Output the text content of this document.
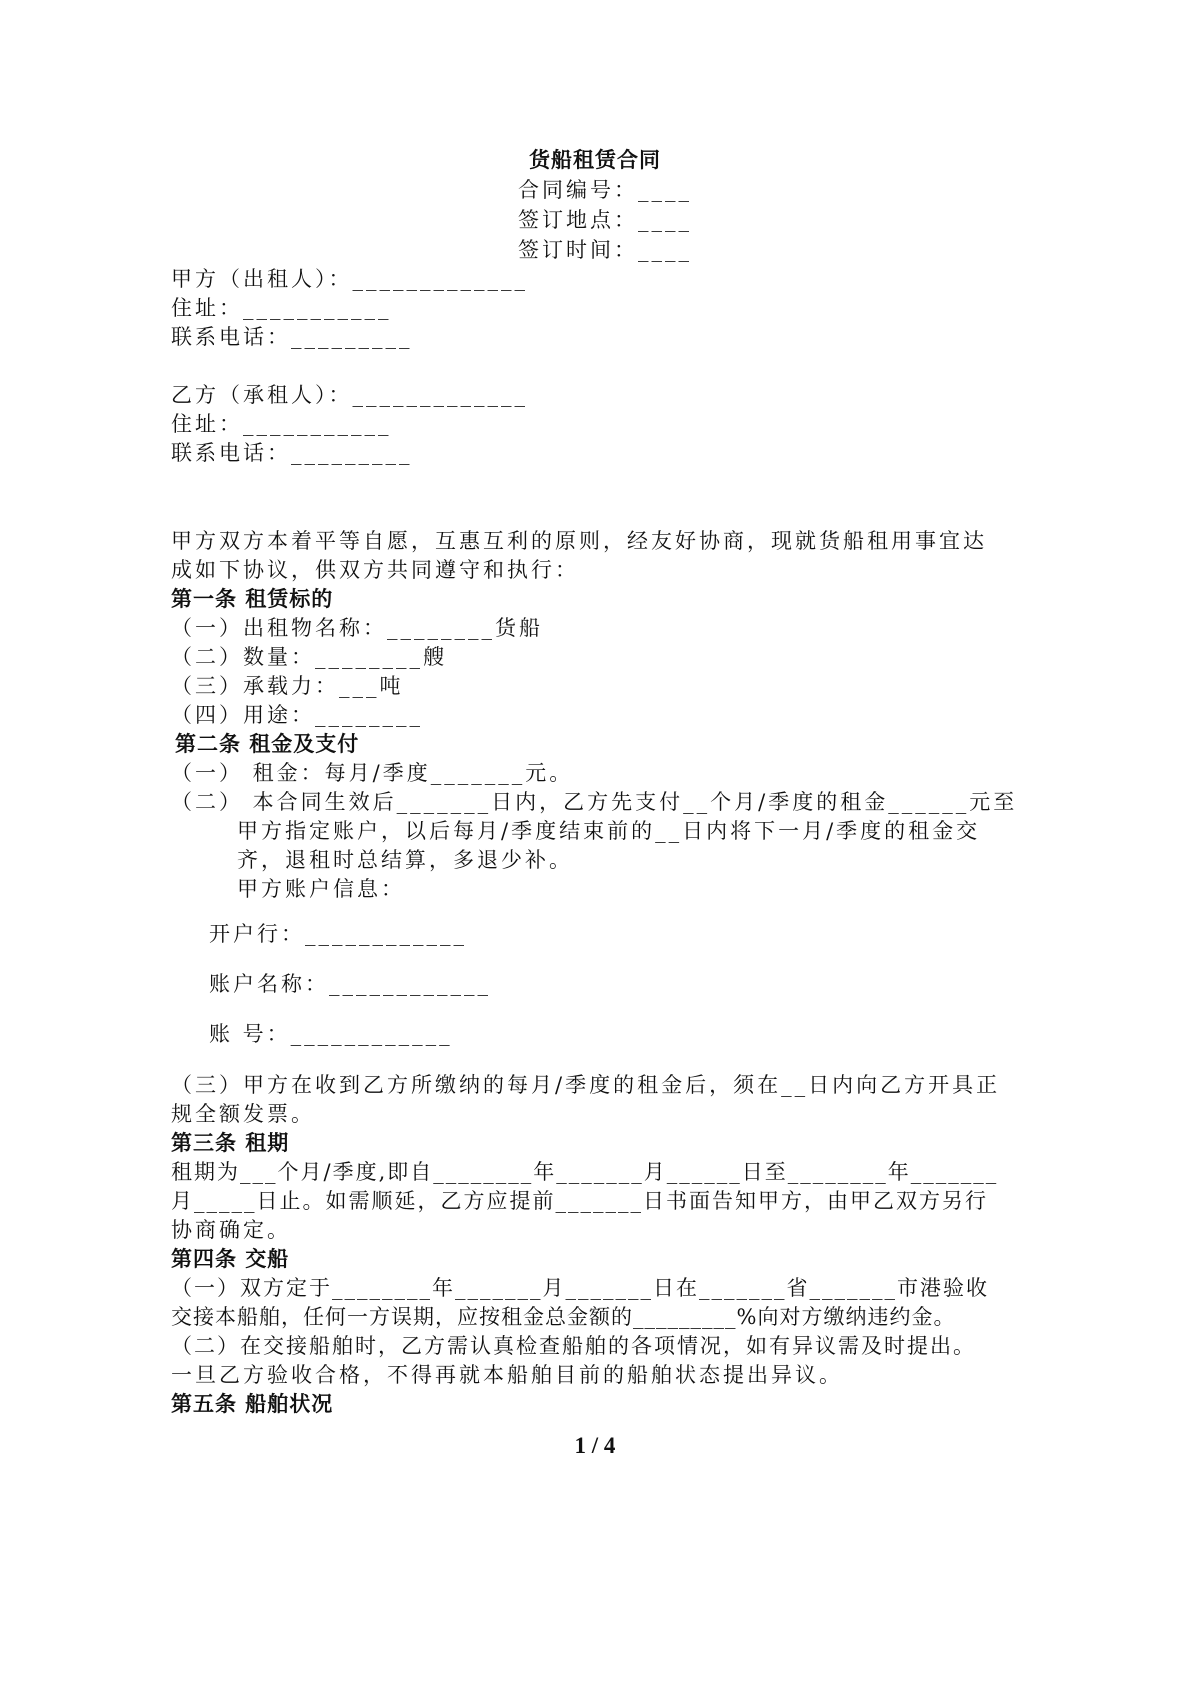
货船租赁合同
合同编号：____
签订地点：____
签订时间：____
甲方（出租人）：_____________
住址：___________
联系电话：_________
乙方（承租人）：_____________
住址：___________
联系电话：_________
甲方双方本着平等自愿，互惠互利的原则，经友好协商，现就货船租用事宜达
成如下协议，供双方共同遵守和执行：
第一条 租赁标的
（一）出租物名称：________货船
（二）数量：________艘
（三）承载力：___吨
（四）用途：________
第二条 租金及支付
（一） 租金：每月/季度_______元。
（二） 本合同生效后_______日内，乙方先支付__个月/季度的租金______元至
甲方指定账户，以后每月/季度结束前的__日内将下一月/季度的租金交
齐，退租时总结算，多退少补。
甲方账户信息：
开户行：____________
账户名称：____________
账 号：____________
（三）甲方在收到乙方所缴纳的每月/季度的租金后，须在__日内向乙方开具正
规全额发票。
第三条 租期
租期为___个月/季度,即自________年_______月______日至________年_______
月_____日止。如需顺延，乙方应提前_______日书面告知甲方，由甲乙双方另行
协商确定。
第四条 交船
（一）双方定于________年_______月_______日在_______省_______市港验收
交接本船舶，任何一方误期，应按租金总金额的_________%向对方缴纳违约金。
（二）在交接船舶时，乙方需认真检查船舶的各项情况，如有异议需及时提出。
一旦乙方验收合格，不得再就本船舶目前的船舶状态提出异议。
第五条 船舶状况
1 / 4
